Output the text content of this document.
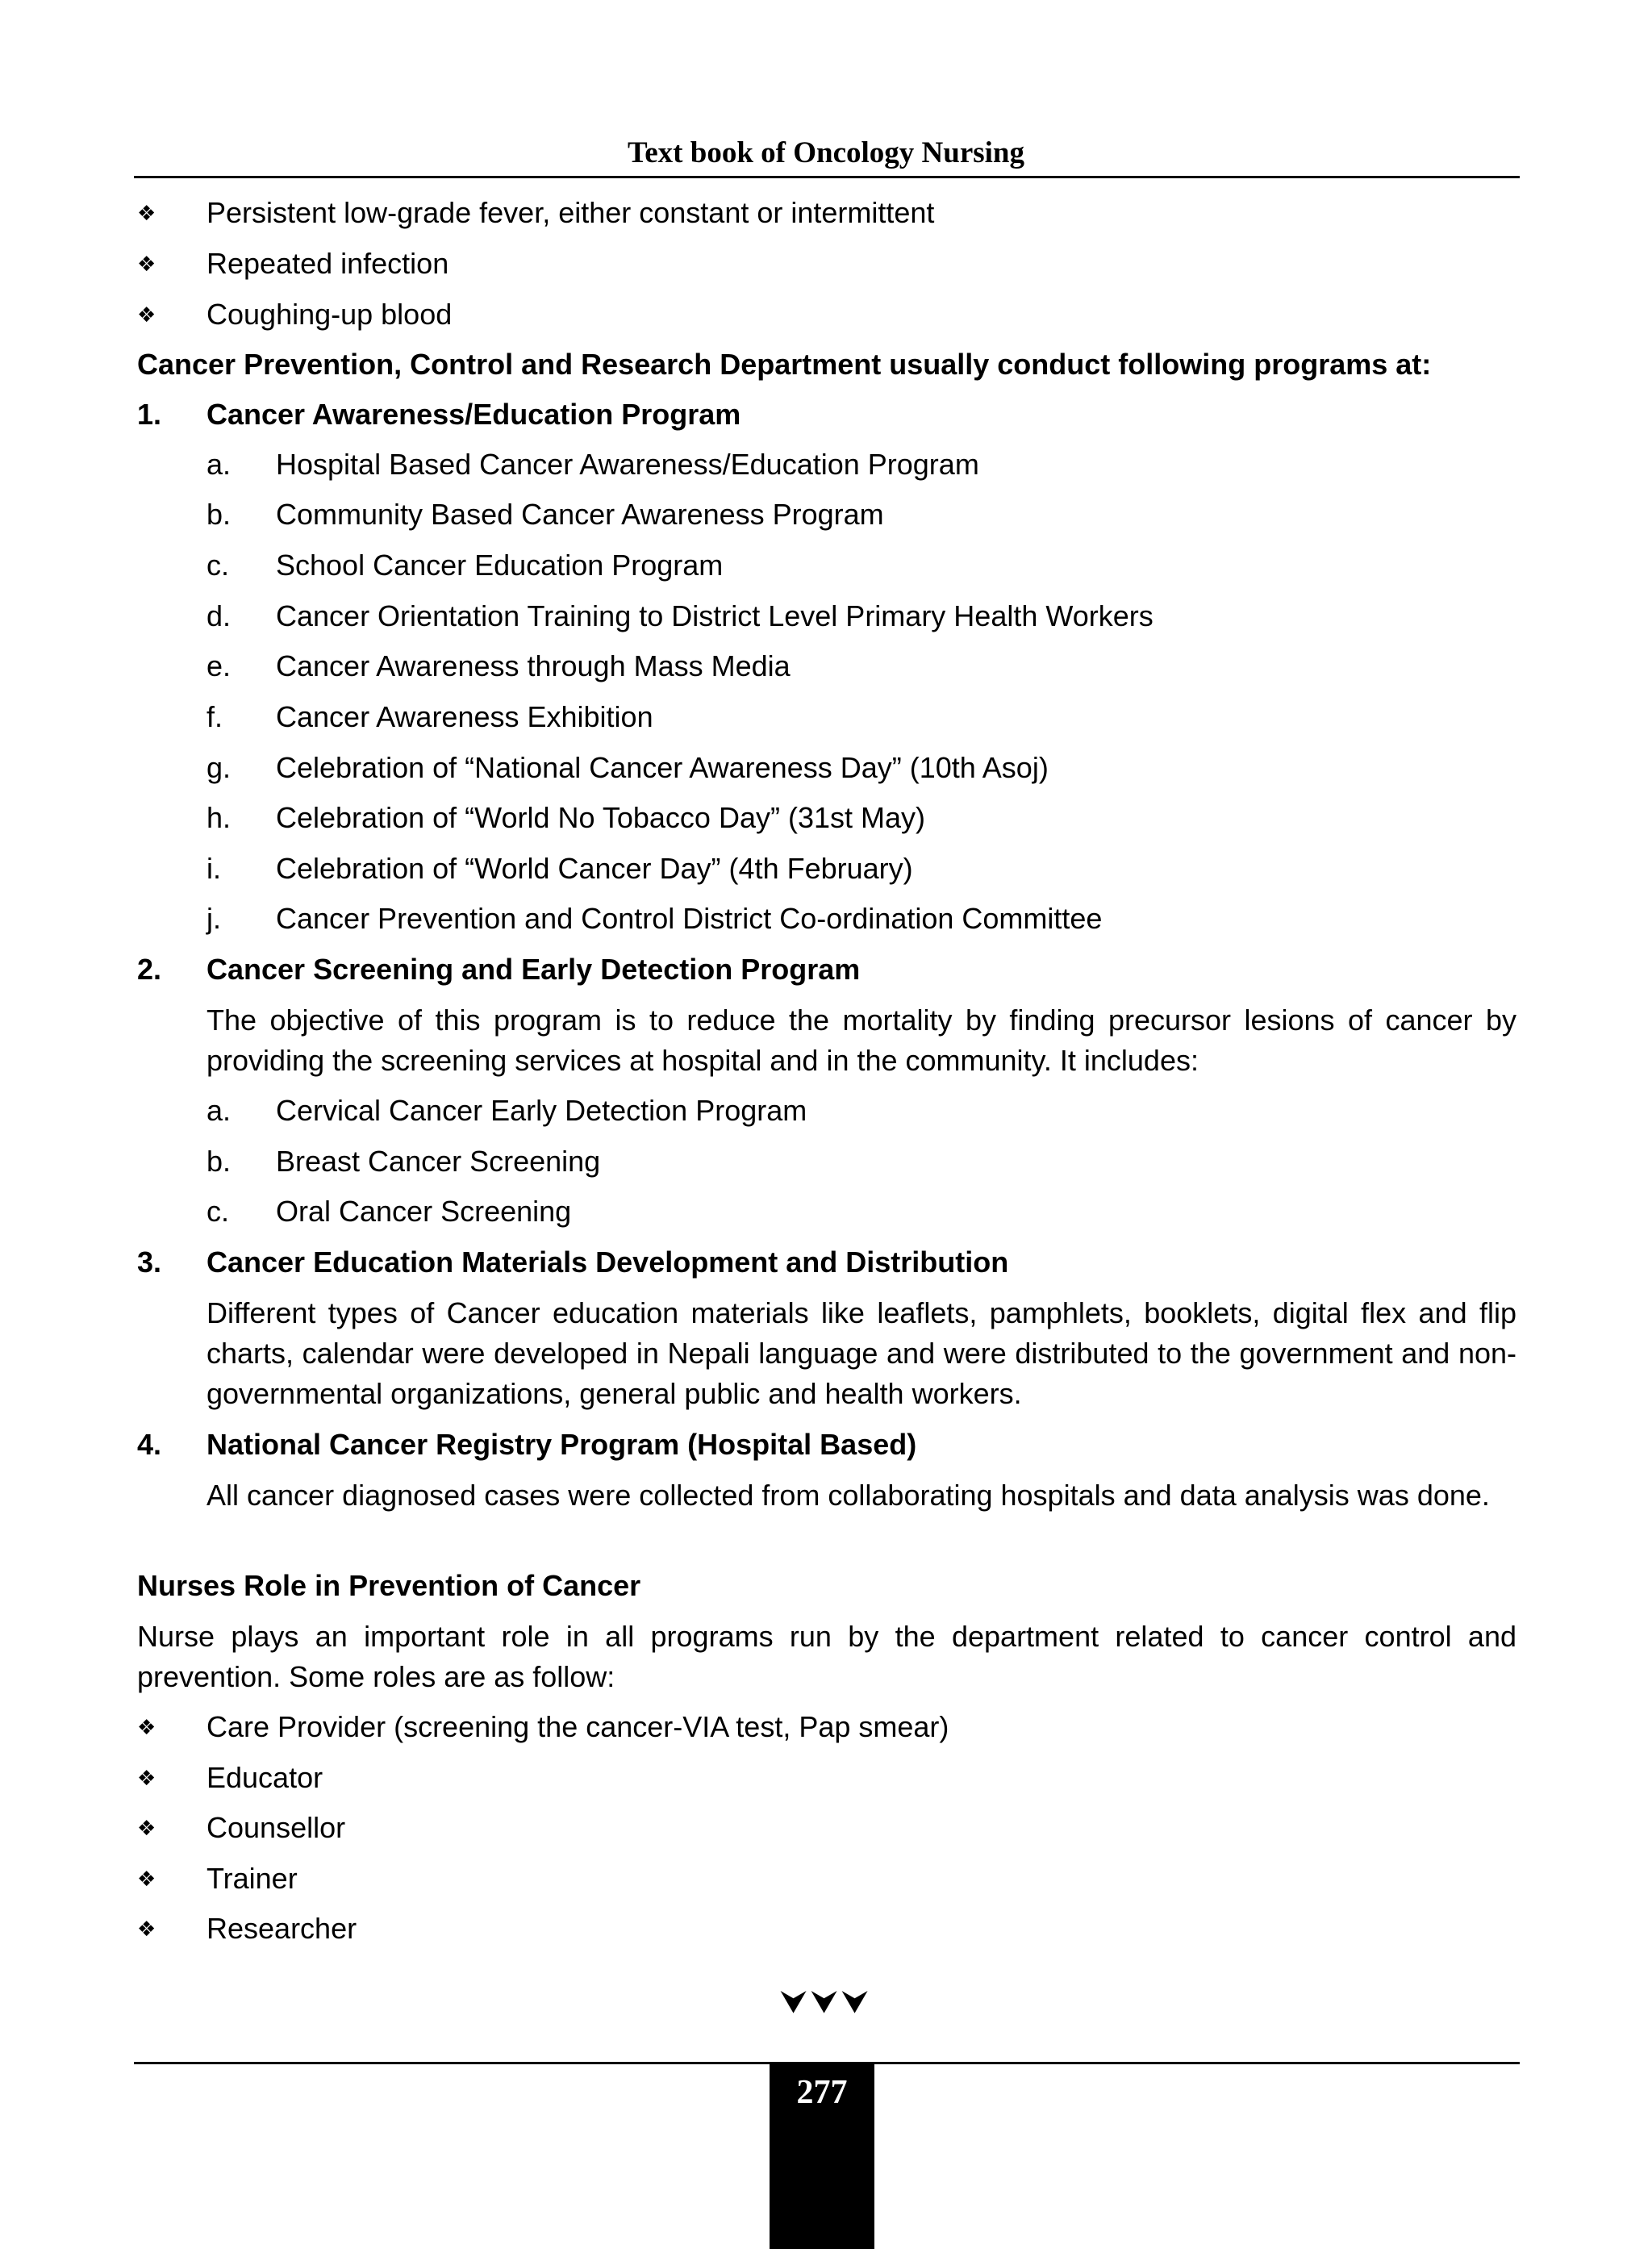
Text book of Oncology Nursing
❖ Persistent low-grade fever, either constant or intermittent
❖ Repeated infection
❖ Coughing-up blood
Cancer Prevention, Control and Research Department usually conduct following programs at:
1. Cancer Awareness/Education Program
a. Hospital Based Cancer Awareness/Education Program
b. Community Based Cancer Awareness Program
c. School Cancer Education Program
d. Cancer Orientation Training to District Level Primary Health Workers
e. Cancer Awareness through Mass Media
f. Cancer Awareness Exhibition
g. Celebration of “National Cancer Awareness Day” (10th Asoj)
h. Celebration of “World No Tobacco Day” (31st May)
i. Celebration of “World Cancer Day” (4th February)
j. Cancer Prevention and Control District Co-ordination Committee
2. Cancer Screening and Early Detection Program
The objective of this program is to reduce the mortality by finding precursor lesions of cancer by providing the screening services at hospital and in the community. It includes:
a. Cervical Cancer Early Detection Program
b. Breast Cancer Screening
c. Oral Cancer Screening
3. Cancer Education Materials Development and Distribution
Different types of Cancer education materials like leaflets, pamphlets, booklets, digital flex and flip charts, calendar were developed in Nepali language and were distributed to the government and non-governmental organizations, general public and health workers.
4. National Cancer Registry Program (Hospital Based)
All cancer diagnosed cases were collected from collaborating hospitals and data analysis was done.
Nurses Role in Prevention of Cancer
Nurse plays an important role in all programs run by the department related to cancer control and prevention. Some roles are as follow:
❖ Care Provider (screening the cancer-VIA test, Pap smear)
❖ Educator
❖ Counsellor
❖ Trainer
❖ Researcher
⮟⮟⮟
277
